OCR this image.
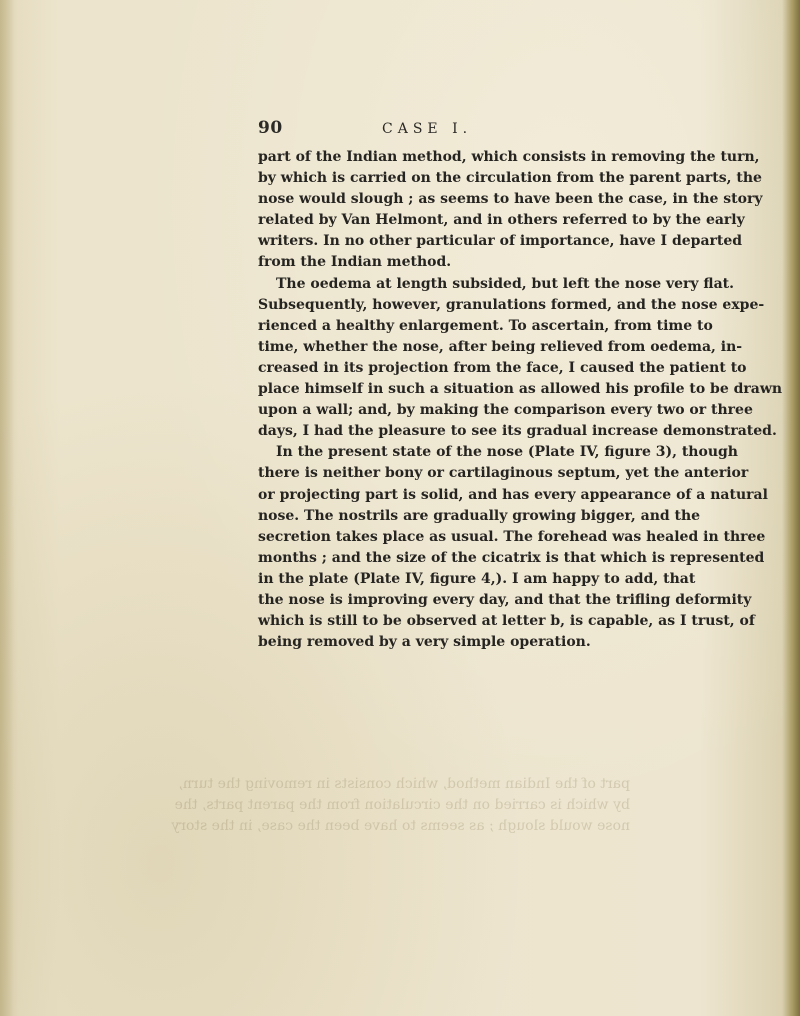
90	CASE I.

part of the Indian method, which consists in removing the turn,

by which is carried on the circulation from the parent parts, the

nose would slough ; as seems to have been the case, in the story

related by Van Helmont, and in others referred to by the early

writers. In no other particular of importance, have I departed

from the Indian method.

The oedema at length subsided, but left the nose very flat.

Subsequently, however, granulations formed, and the nose expe-

rienced a healthy enlargement. To ascertain, from time to

time, whether the nose, after being relieved from oedema, in-

creased in its projection from the face, I caused the patient to

place himself in such a situation as allowed his profile to be drawn

upon a wall; and, by making the comparison every two or three

days, I had the pleasure to see its gradual increase demonstrated.

In the present state of the nose (Plate IV, figure 3), though

there is neither bony or cartilaginous septum, yet the anterior

or projecting part is solid, and has every appearance of a natural

nose. The nostrils are gradually growing bigger, and the

secretion takes place as usual. The forehead was healed in three

months ; and the size of the cicatrix is that which is represented

in the plate (Plate IV, figure 4,). I am happy to add, that

the nose is improving every day, and that the trifling deformity

which is still to be observed at letter b, is capable, as I trust, of

being removed by a very simple operation.

part of the Indian method, which consists in removing the turn,
by which is carried on the circulation from the parent parts, the
nose would slough ; as seems to have been the case, in the story
